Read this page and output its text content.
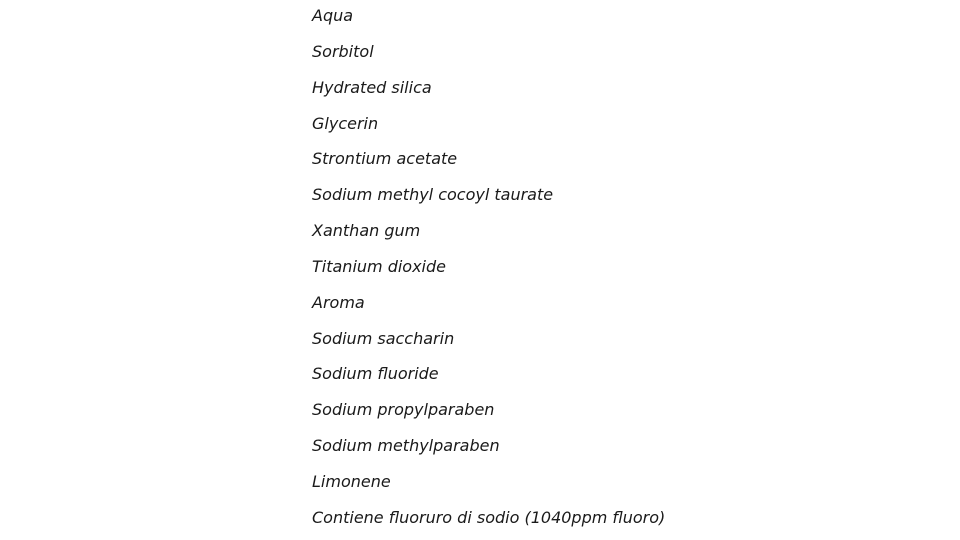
Aqua
Sorbitol
Hydrated silica
Glycerin
Strontium acetate
Sodium methyl cocoyl taurate
Xanthan gum
Titanium dioxide
Aroma
Sodium saccharin
Sodium fluoride
Sodium propylparaben
Sodium methylparaben
Limonene
Contiene fluoruro di sodio (1040ppm fluoro)
